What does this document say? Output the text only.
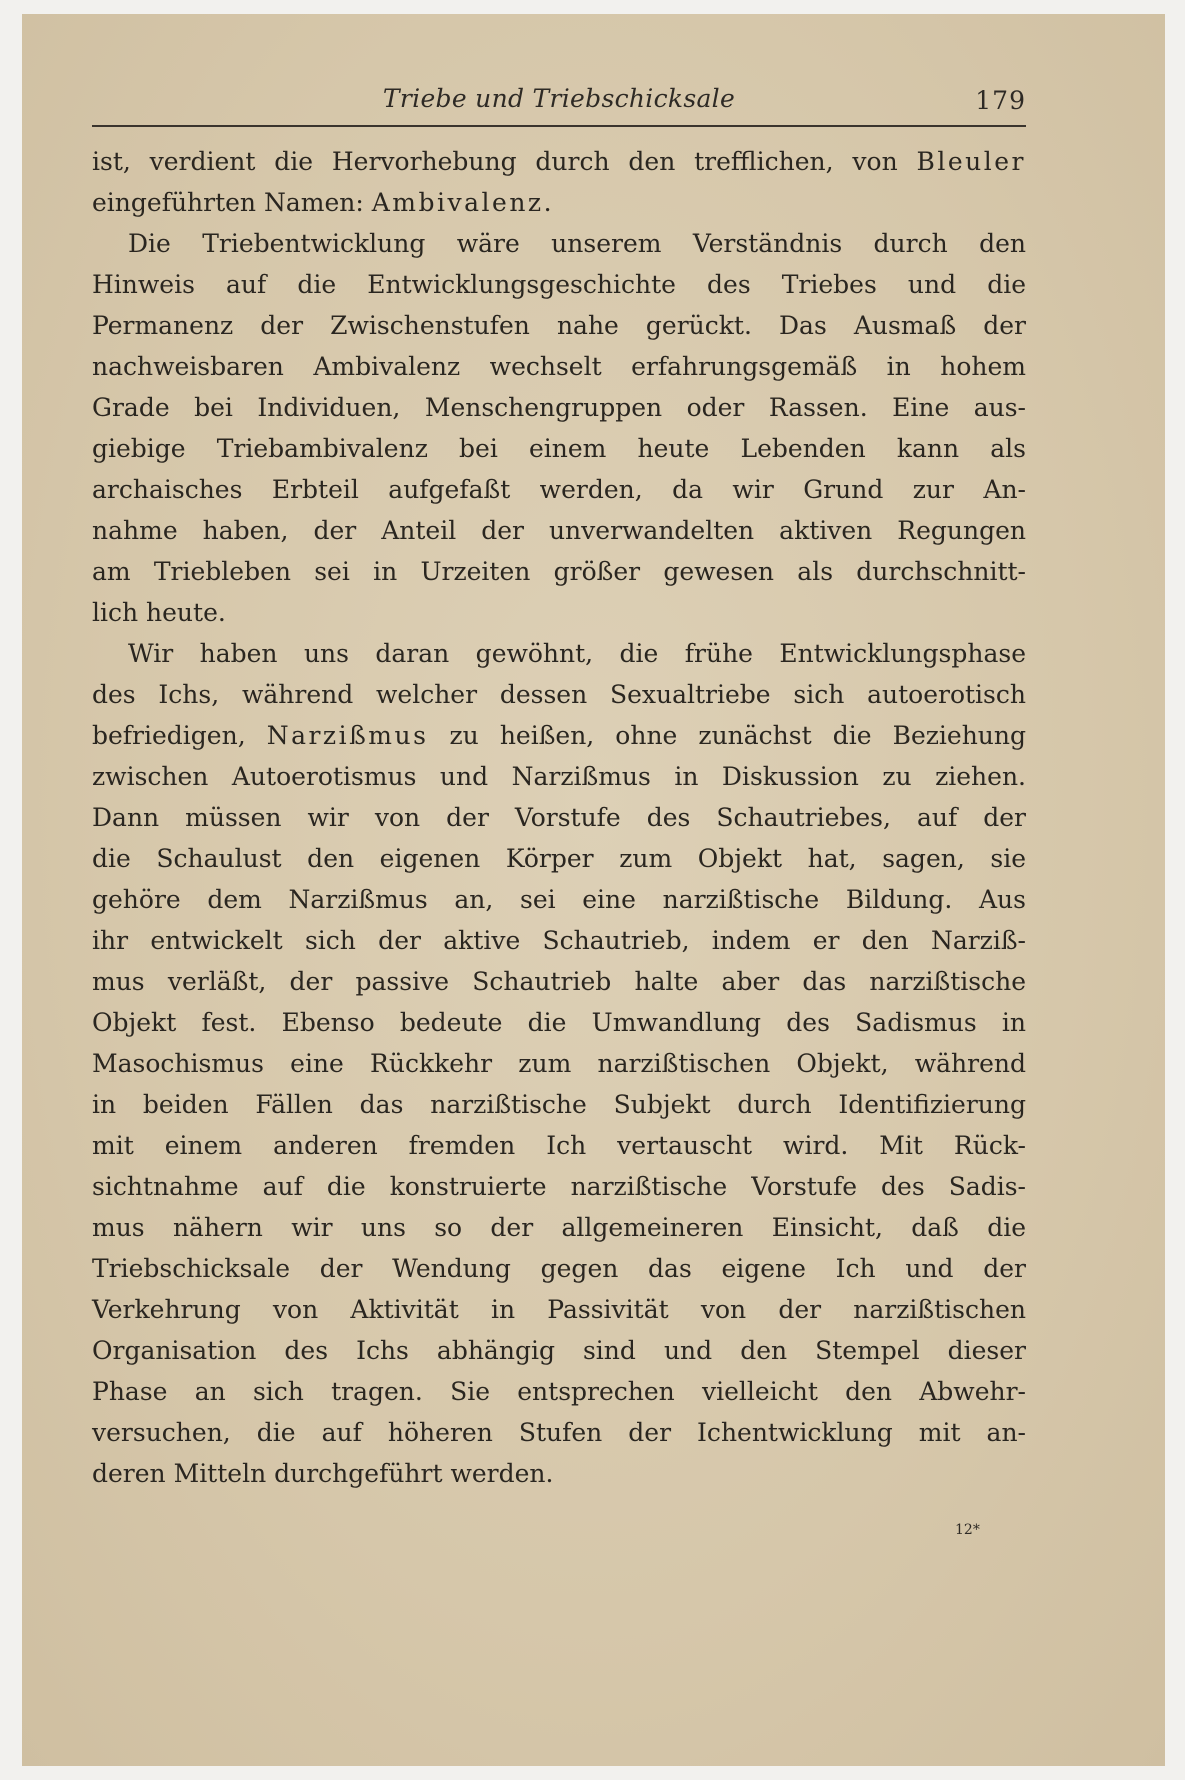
Triebe und Triebschicksale	179
ist, verdient die Hervorhebung durch den trefflichen, von Bleuler
eingeführten Namen: Ambivalenz.
Die Triebentwicklung wäre unserem Verständnis durch den
Hinweis auf die Entwicklungsgeschichte des Triebes und die
Permanenz der Zwischenstufen nahe gerückt. Das Ausmaß der
nachweisbaren Ambivalenz wechselt erfahrungsgemäß in hohem
Grade bei Individuen, Menschengruppen oder Rassen. Eine aus-
giebige Triebambivalenz bei einem heute Lebenden kann als
archaisches Erbteil aufgefaßt werden, da wir Grund zur An-
nahme haben, der Anteil der unverwandelten aktiven Regungen
am Triebleben sei in Urzeiten größer gewesen als durchschnitt-
lich heute.
Wir haben uns daran gewöhnt, die frühe Entwicklungsphase
des Ichs, während welcher dessen Sexualtriebe sich autoerotisch
befriedigen, Narzißmus zu heißen, ohne zunächst die Beziehung
zwischen Autoerotismus und Narzißmus in Diskussion zu ziehen.
Dann müssen wir von der Vorstufe des Schautriebes, auf der
die Schaulust den eigenen Körper zum Objekt hat, sagen, sie
gehöre dem Narzißmus an, sei eine narzißtische Bildung. Aus
ihr entwickelt sich der aktive Schautrieb, indem er den Narziß-
mus verläßt, der passive Schautrieb halte aber das narzißtische
Objekt fest. Ebenso bedeute die Umwandlung des Sadismus in
Masochismus eine Rückkehr zum narzißtischen Objekt, während
in beiden Fällen das narzißtische Subjekt durch Identifizierung
mit einem anderen fremden Ich vertauscht wird. Mit Rück-
sichtnahme auf die konstruierte narzißtische Vorstufe des Sadis-
mus nähern wir uns so der allgemeineren Einsicht, daß die
Triebschicksale der Wendung gegen das eigene Ich und der
Verkehrung von Aktivität in Passivität von der narzißtischen
Organisation des Ichs abhängig sind und den Stempel dieser
Phase an sich tragen. Sie entsprechen vielleicht den Abwehr-
versuchen, die auf höheren Stufen der Ichentwicklung mit an-
deren Mitteln durchgeführt werden.
12*
